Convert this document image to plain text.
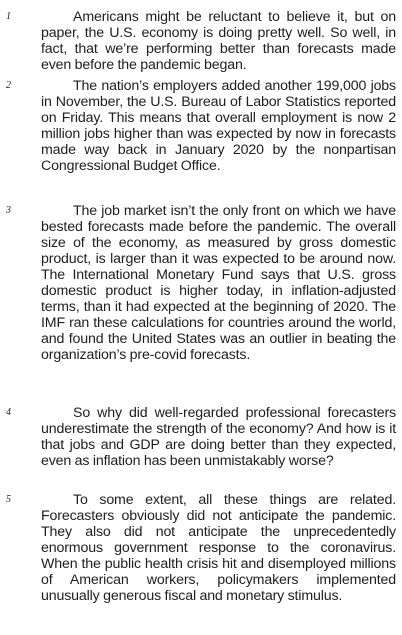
1	Americans might be reluctant to believe it, but on paper, the U.S. economy is doing pretty well. So well, in fact, that we’re performing better than forecasts made even before the pandemic began.

2	The nation’s employers added another 199,000 jobs in November, the U.S. Bureau of Labor Statistics reported on Friday. This means that overall employment is now 2 million jobs higher than was expected by now in forecasts made way back in January 2020 by the nonpartisan Congressional Budget Office.

3	The job market isn’t the only front on which we have bested forecasts made before the pandemic. The overall size of the economy, as measured by gross domestic product, is larger than it was expected to be around now. The International Monetary Fund says that U.S. gross domestic product is higher today, in inflation-adjusted terms, than it had expected at the beginning of 2020. The IMF ran these calculations for countries around the world, and found the United States was an outlier in beating the organization’s pre-covid forecasts.

4	So why did well-regarded professional forecasters underestimate the strength of the economy? And how is it that jobs and GDP are doing better than they expected, even as inflation has been unmistakably worse?

5	To some extent, all these things are related. Forecasters obviously did not anticipate the pandemic. They also did not anticipate the unprecedentedly enormous government response to the coronavirus. When the public health crisis hit and disemployed millions of American workers, policymakers implemented unusually generous fiscal and monetary stimulus.
